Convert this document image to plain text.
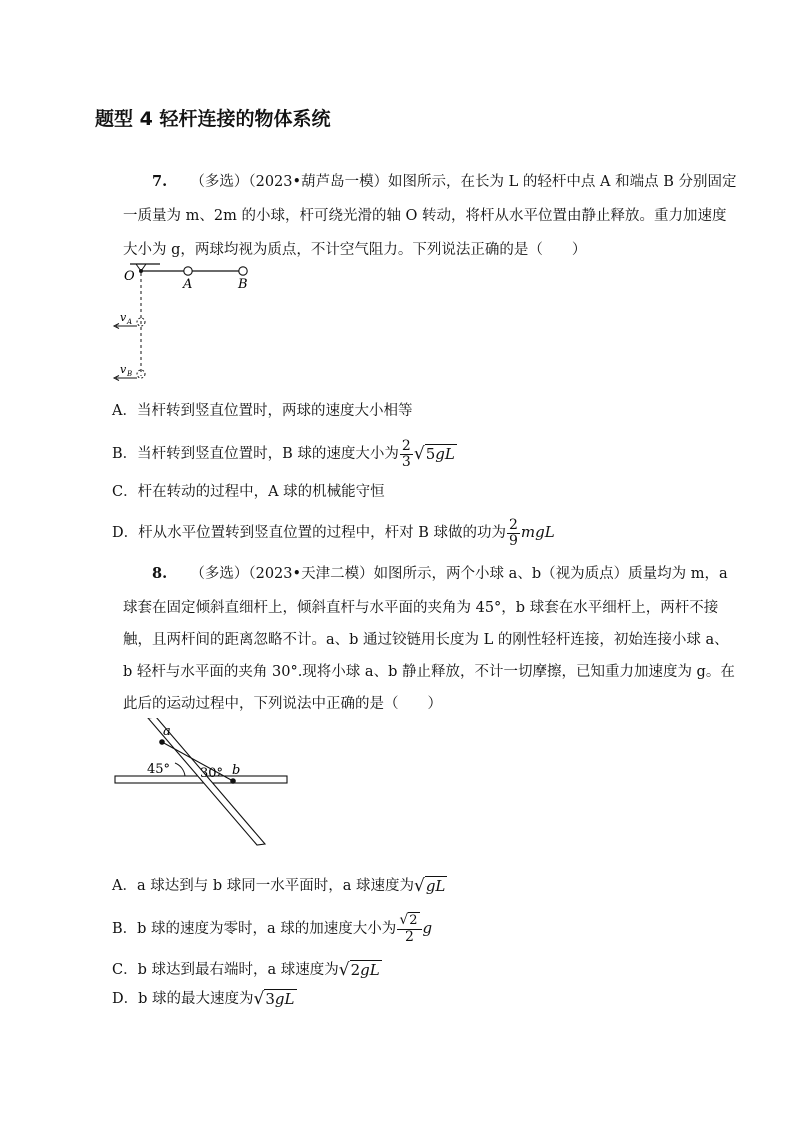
题型 4 轻杆连接的物体系统
7. （多选）（2023•葫芦岛一模）如图所示，在长为 L 的轻杆中点 A 和端点 B 分别固定
一质量为 m、2m 的小球，杆可绕光滑的轴 O 转动，将杆从水平位置由静止释放。重力加速度
大小为 g，两球均视为质点，不计空气阻力。下列说法正确的是（　　）
O
A	B
v A
v B
A．当杆转到竖直位置时，两球的速度大小相等
B．当杆转到竖直位置时，B 球的速度大小为 $\frac{2}{3} √5gL$
C．杆在转动的过程中，A 球的机械能守恒
D．杆从水平位置转到竖直位置的过程中，杆对 B 球做的功为 $\frac{2}{9}$ mgL
8. （多选）（2023•天津二模）如图所示，两个小球 a、b（视为质点）质量均为 m，a
球套在固定倾斜直细杆上，倾斜直杆与水平面的夹角为 45°，b 球套在水平细杆上，两杆不接
触，且两杆间的距离忽略不计。a、b 通过铰链用长度为 L 的刚性轻杆连接，初始连接小球 a、
b 轻杆与水平面的夹角 30°.现将小球 a、b 静止释放，不计一切摩擦，已知重力加速度为 g。在
此后的运动过程中，下列说法中正确的是（　　）
a
b
45° 30°
A．a 球达到与 b 球同一水平面时，a 球速度为√gL
B．b 球的速度为零时，a 球的加速度大小为 $\frac{√2}{2}$ g
C．b 球达到最右端时，a 球速度为√2gL
D．b 球的最大速度为√3gL
